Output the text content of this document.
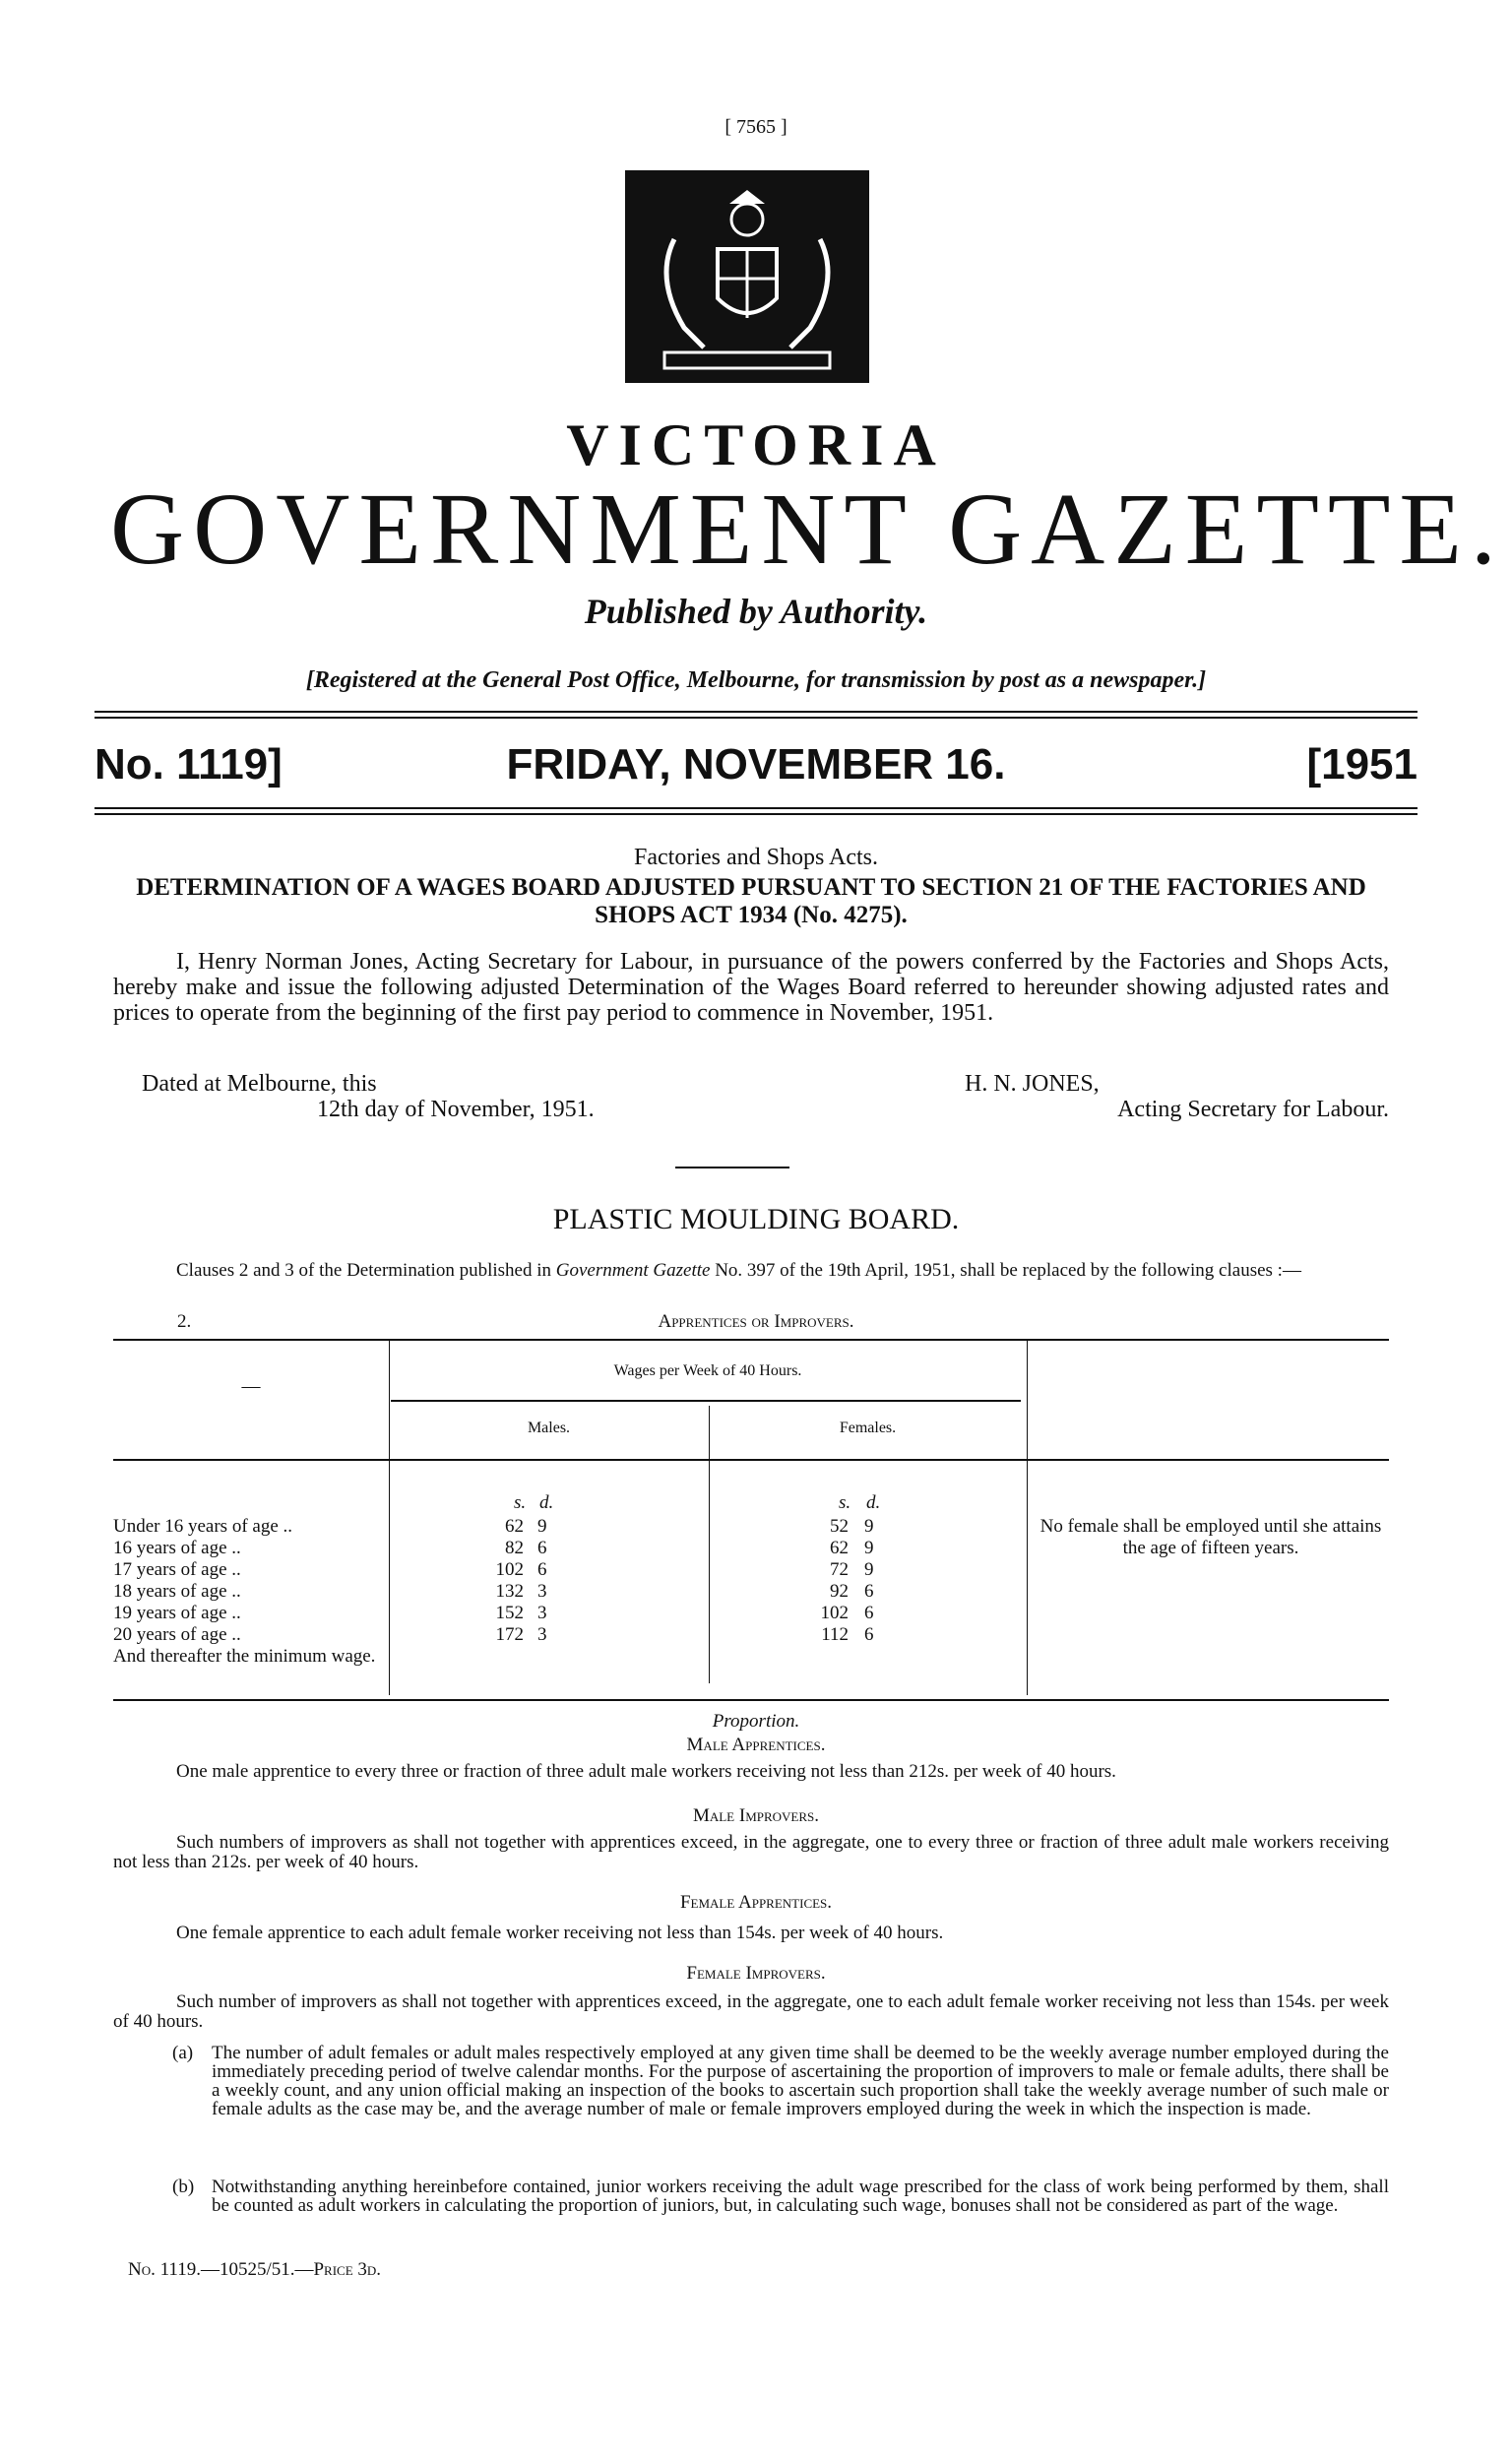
[ 7565 ]
VICTORIA
GOVERNMENT GAZETTE.
Published by Authority.
[Registered at the General Post Office, Melbourne, for transmission by post as a newspaper.]
No. 1119]	FRIDAY, NOVEMBER 16.	[1951
Factories and Shops Acts.
DETERMINATION OF A WAGES BOARD ADJUSTED PURSUANT TO SECTION 21 OF THE FACTORIES AND SHOPS ACT 1934 (No. 4275).
I, Henry Norman Jones, Acting Secretary for Labour, in pursuance of the powers conferred by the Factories and Shops Acts, hereby make and issue the following adjusted Determination of the Wages Board referred to hereunder showing adjusted rates and prices to operate from the beginning of the first pay period to commence in November, 1951.
Dated at Melbourne, this
12th day of November, 1951.
H. N. JONES,
Acting Secretary for Labour.
PLASTIC MOULDING BOARD.
Clauses 2 and 3 of the Determination published in Government Gazette No. 397 of the 19th April, 1951, shall be replaced by the following clauses :—
2.	Apprentices or Improvers.
—
Wages per Week of 40 Hours.
Males.	Females.
s. d.	s. d.
Under 16 years of age ..	62 9	52 9
16 years of age ..	82 6	62 9
17 years of age ..	102 6	72 9
18 years of age ..	132 3	92 6
19 years of age ..	152 3	102 6
20 years of age ..	172 3	112 6
And thereafter the minimum wage.
No female shall be employed until she attains the age of fifteen years.
Proportion.
Male Apprentices.
One male apprentice to every three or fraction of three adult male workers receiving not less than 212s. per week of 40 hours.
Male Improvers.
Such numbers of improvers as shall not together with apprentices exceed, in the aggregate, one to every three or fraction of three adult male workers receiving not less than 212s. per week of 40 hours.
Female Apprentices.
One female apprentice to each adult female worker receiving not less than 154s. per week of 40 hours.
Female Improvers.
Such number of improvers as shall not together with apprentices exceed, in the aggregate, one to each adult female worker receiving not less than 154s. per week of 40 hours.
(a) The number of adult females or adult males respectively employed at any given time shall be deemed to be the weekly average number employed during the immediately preceding period of twelve calendar months. For the purpose of ascertaining the proportion of improvers to male or female adults, there shall be a weekly count, and any union official making an inspection of the books to ascertain such proportion shall take the weekly average number of such male or female adults as the case may be, and the average number of male or female improvers employed during the week in which the inspection is made.
(b) Notwithstanding anything hereinbefore contained, junior workers receiving the adult wage prescribed for the class of work being performed by them, shall be counted as adult workers in calculating the proportion of juniors, but, in calculating such wage, bonuses shall not be considered as part of the wage.
No. 1119.—10525/51.—Price 3d.
